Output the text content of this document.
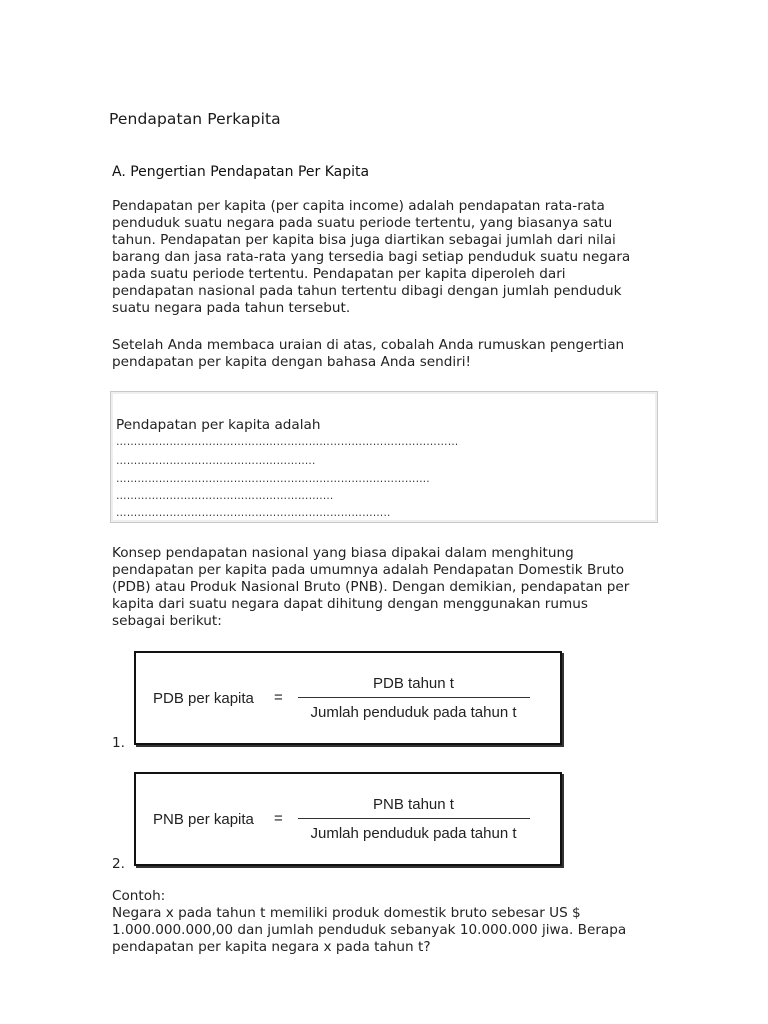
Pendapatan Perkapita
A. Pengertian Pendapatan Per Kapita
Pendapatan per kapita (per capita income) adalah pendapatan rata-rata
penduduk suatu negara pada suatu periode tertentu, yang biasanya satu
tahun. Pendapatan per kapita bisa juga diartikan sebagai jumlah dari nilai
barang dan jasa rata-rata yang tersedia bagi setiap penduduk suatu negara
pada suatu periode tertentu. Pendapatan per kapita diperoleh dari
pendapatan nasional pada tahun tertentu dibagi dengan jumlah penduduk
suatu negara pada tahun tersebut.
Setelah Anda membaca uraian di atas, cobalah Anda rumuskan pengertian
pendapatan per kapita dengan bahasa Anda sendiri!
Pendapatan per kapita adalah
……………………………………………………………………………………
…………………………………………........
…………………………………………………………………………….
…………………………………………………....
…………………………………………………………………..
Konsep pendapatan nasional yang biasa dipakai dalam menghitung
pendapatan per kapita pada umumnya adalah Pendapatan Domestik Bruto
(PDB) atau Produk Nasional Bruto (PNB). Dengan demikian, pendapatan per
kapita dari suatu negara dapat dihitung dengan menggunakan rumus
sebagai berikut:
PDB per kapita =
PDB tahun t
Jumlah penduduk pada tahun t
1.
PNB per kapita =
PNB tahun t
Jumlah penduduk pada tahun t
2.
Contoh:
Negara x pada tahun t memiliki produk domestik bruto sebesar US $
1.000.000.000,00 dan jumlah penduduk sebanyak 10.000.000 jiwa. Berapa
pendapatan per kapita negara x pada tahun t?
